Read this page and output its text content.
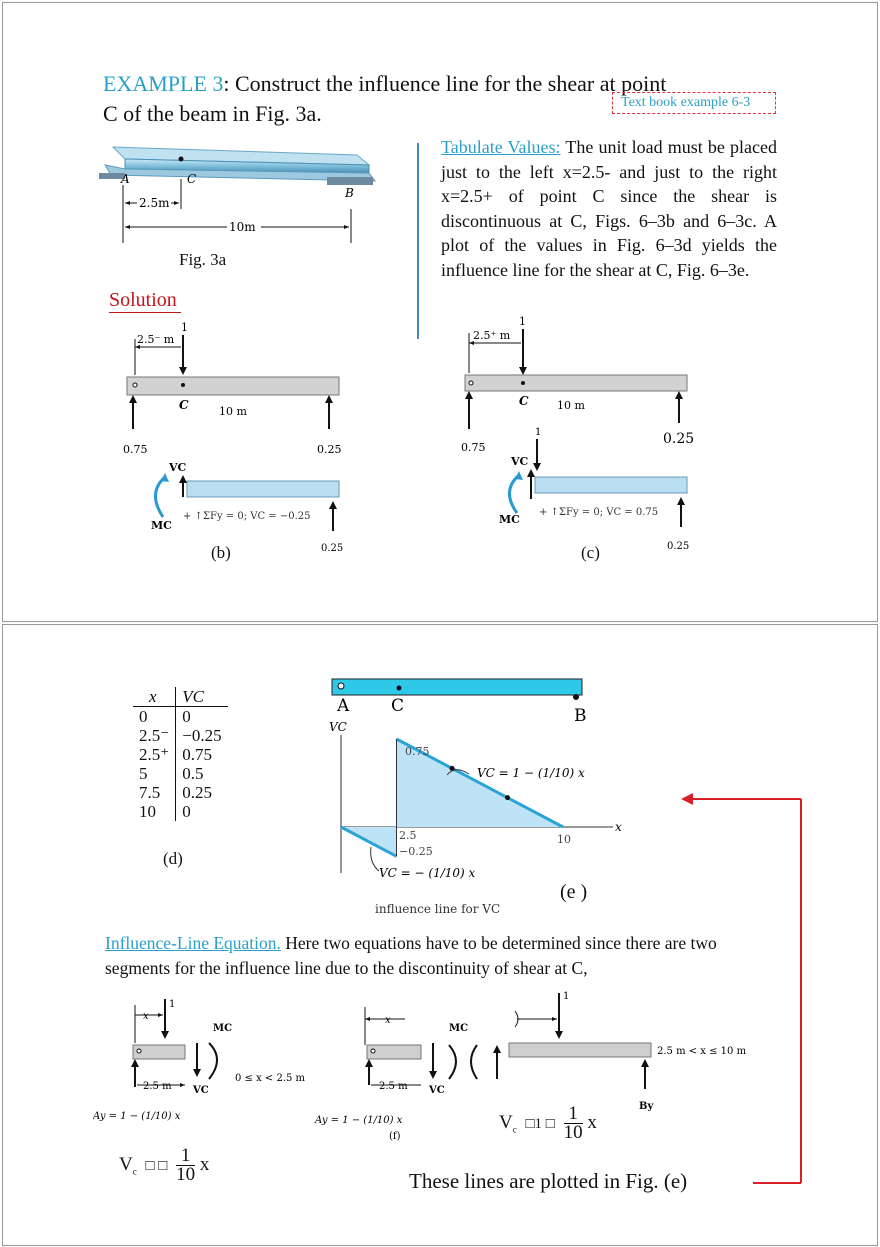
EXAMPLE 3: Construct the influence line for the shear at point
C of the beam in Fig. 3a.	Text book example 6-3
A	C
B
2.5m
10m
Fig. 3a
Solution
Tabulate Values: The unit load must be placed just to the left x=2.5- and just to the right x=2.5+ of point C since the shear is discontinuous at C, Figs. 6–3b and 6–3c. A plot of the values in Fig. 6–3d yields the influence line for the shear at C, Fig. 6–3e.
1
2.5⁻ m
C	10 m
0.75	0.25
VC
MC
+ ↑ΣFy = 0; VC = −0.25
0.25
(b)
1
2.5⁺ m
C	10 m
0.75
0.25
1
VC
MC
+ ↑ΣFy = 0; VC = 0.75
0.25
(c)
x	VC
0	0
2.5⁻	−0.25
2.5⁺	0.75
5	0.5
7.5	0.25
10	0
(d)
A C	B
VC
x
0.75
2.5
−0.25
10
VC = 1 − (1/10) x
VC = − (1/10) x
influence line for VC
(e )
Influence-Line Equation. Here two equations have to be determined since there are two segments for the influence line due to the discontinuity of shear at C,
1
x
MC
0 ≤ x < 2.5 m
2.5 m VC
Ay = 1 − (1/10) x
x
MC
2.5 m VC
Ay = 1 − (1/10) x
(f)
1
2.5 m < x ≤ 10 m
By
$V_c$ □ □ $\frac{1}{10}$ x
$V_c$ □1 □ $\frac{1}{10}$ x
These lines are plotted in Fig. (e)
